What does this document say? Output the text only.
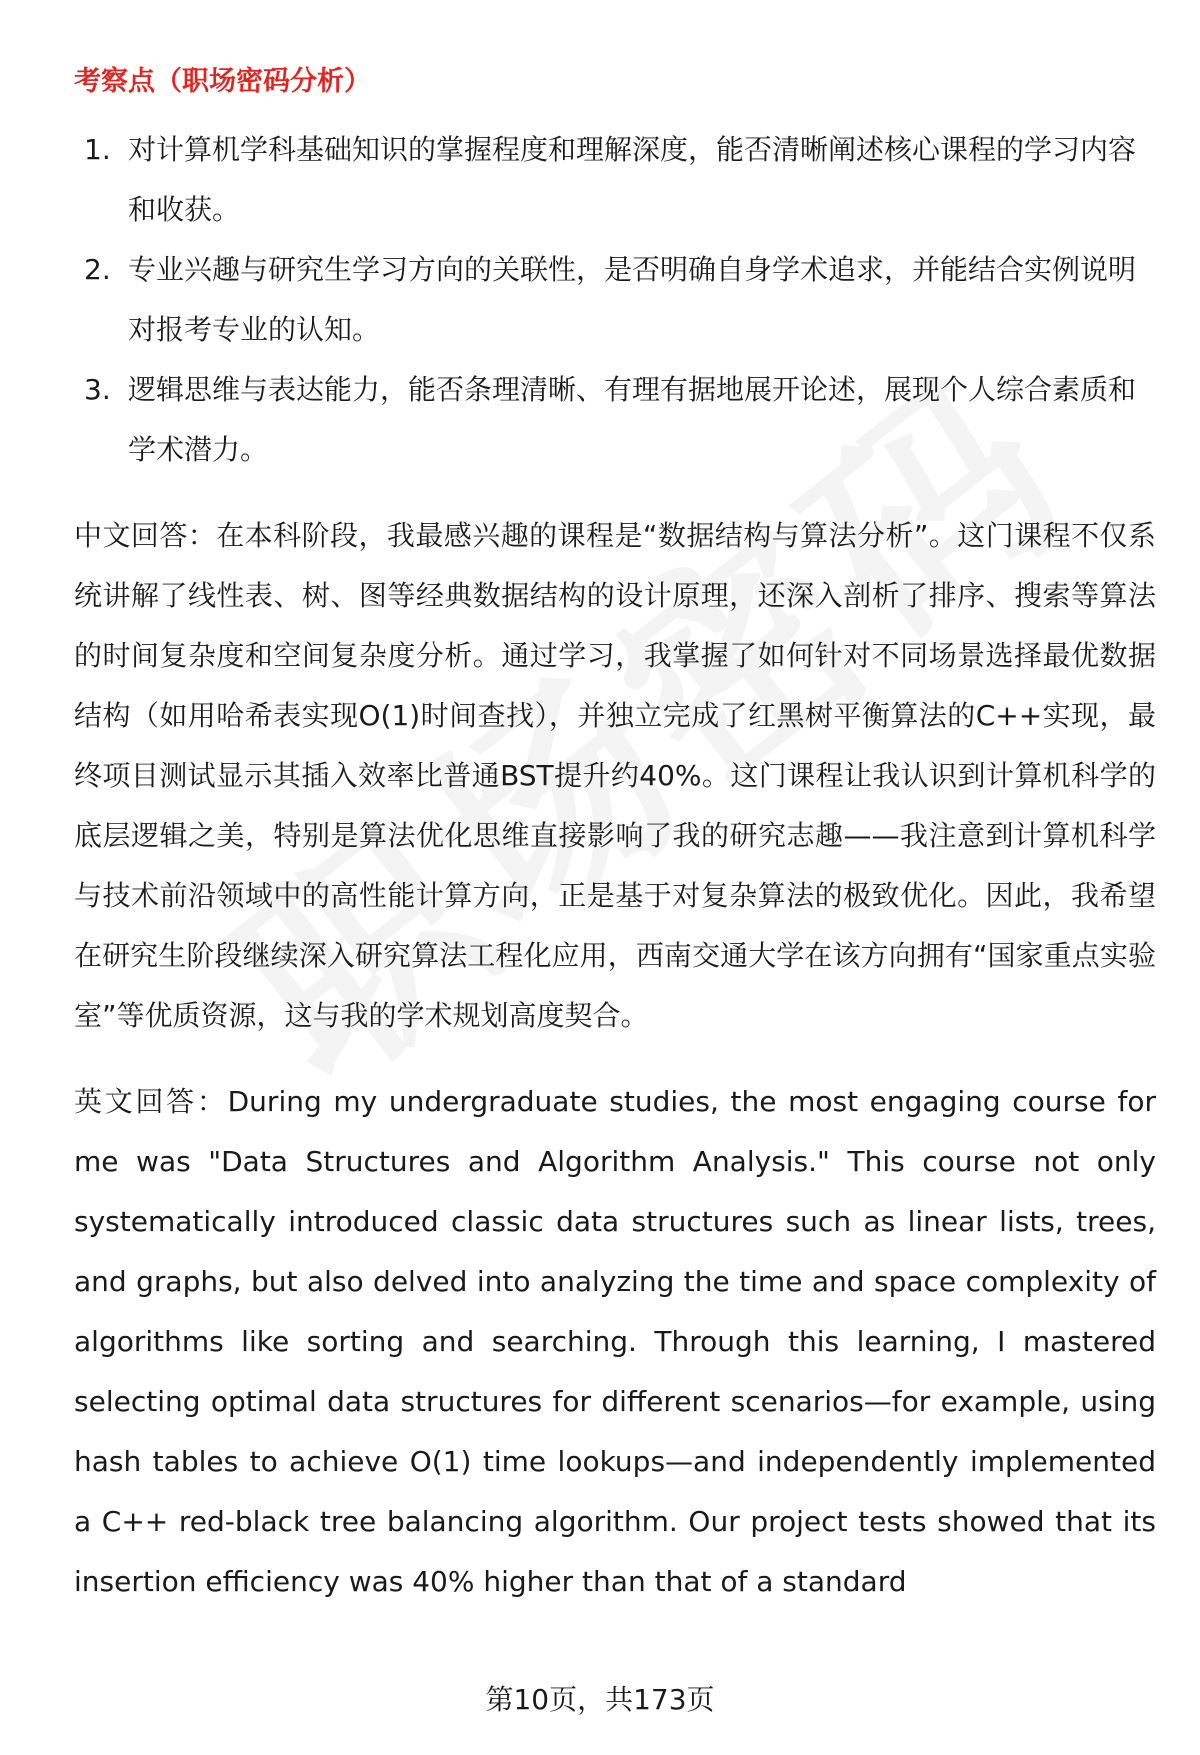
考察点（职场密码分析）
1. 对计算机学科基础知识的掌握程度和理解深度，能否清晰阐述核心课程的学习内容和收获。
2. 专业兴趣与研究生学习方向的关联性，是否明确自身学术追求，并能结合实例说明对报考专业的认知。
3. 逻辑思维与表达能力，能否条理清晰、有理有据地展开论述，展现个人综合素质和学术潜力。

中文回答：在本科阶段，我最感兴趣的课程是“数据结构与算法分析”。这门课程不仅系统讲解了线性表、树、图等经典数据结构的设计原理，还深入剖析了排序、搜索等算法的时间复杂度和空间复杂度分析。通过学习，我掌握了如何针对不同场景选择最优数据结构（如用哈希表实现O(1)时间查找），并独立完成了红黑树平衡算法的C++实现，最终项目测试显示其插入效率比普通BST提升约40%。这门课程让我认识到计算机科学的底层逻辑之美，特别是算法优化思维直接影响了我的研究志趣——我注意到计算机科学与技术前沿领域中的高性能计算方向，正是基于对复杂算法的极致优化。因此，我希望在研究生阶段继续深入研究算法工程化应用，西南交通大学在该方向拥有“国家重点实验室”等优质资源，这与我的学术规划高度契合。

英文回答：During my undergraduate studies, the most engaging course for me was "Data Structures and Algorithm Analysis." This course not only systematically introduced classic data structures such as linear lists, trees, and graphs, but also delved into analyzing the time and space complexity of algorithms like sorting and searching. Through this learning, I mastered selecting optimal data structures for different scenarios—for example, using hash tables to achieve O(1) time lookups—and independently implemented a C++ red-black tree balancing algorithm. Our project tests showed that its insertion efficiency was 40% higher than that of a standard

第10页，共173页
